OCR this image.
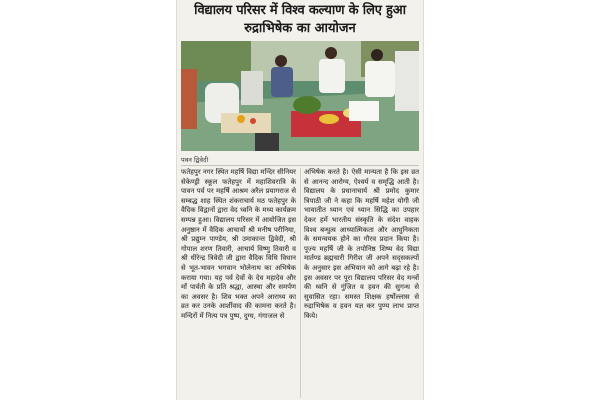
विद्यालय परिसर में विश्व कल्याण के लिए हुआ
रुद्राभिषेक का आयोजन
पवन द्विवेदी
फतेहपुर नगर स्थित महर्षि विद्या मन्दिर सीनियर सेकेण्ड्री स्कूल फतेहपुर में महाशिवरात्रि के पावन पर्व पर महर्षि आश्रम अरैल प्रयागराज से सम्बद्ध शाह स्थित शंकराचार्य मठ फतेहपुर के वैदिक विद्वानों द्वारा वेद ध्वनि के मध्य कार्यक्रम सम्पन्न हुआ। विद्यालय परिसर में आयोजित इस अनुष्ठान में वैदिक आचार्यो श्री मनीष परीनिया, श्री प्रद्युम्न पाण्डेय, श्री उमाकान्त द्विवेदी, श्री गोपाल शरण तिवारी, आचार्य विष्णु तिवारी व श्री धीरेन्द्र त्रिवेदी जी द्वारा वैदिक विधि विधान से भूत-भावन भगवान भोलेनाथ का अभिषेक कराया गया। यह पर्व देवों के देव महादेव और माँ पार्वती के प्रति श्रद्धा, आस्था और समर्पण का अवसर है। शिव भक्त अपने आराध्य का व्रत कर उनके आर्शीवाद की कामना करते है। मन्दिरों में नित्य पत्र पुष्प, दुग्ध, गंगाजल से
अभिषेक करते है। ऐसी मान्यता है कि इस व्रत से आनन्द आरोग्य, ऐश्वर्य व समृद्धि आती है। विद्यालय के प्रधानाचार्य श्री प्रमोद कुमार त्रिपाठी जी ने कहा कि महर्षि महेश योगी जी भावातीत ध्यान एवं ध्यान सिद्धि का उपहार देकर हमें भारतीय संस्कृति के संदेश वाहक विश्व बन्धुत्व आध्यात्मिकता और आधुनिकता के समन्वयक होने का गौरव प्रदान किया है। पूज्य महर्षि जी के तपोनिष्ठ शिष्य वेद विद्या मार्तण्ड ब्रह्मचारी गिरीश जी अपने सद्‌सकल्पों के अनुसार इस अभियान को आगे बढ़ा रहे है।इस अवसर पर पूरा विद्यालय परिसर वेद मन्त्रों की ध्वनि से गुंजित व हवन की सुगन्ध से सुवासित रहा। समस्त शिक्षक हर्षोल्लास से रुद्राभिषेक व हवन यज्ञ कर पुण्य लाभ प्राप्त किये।
